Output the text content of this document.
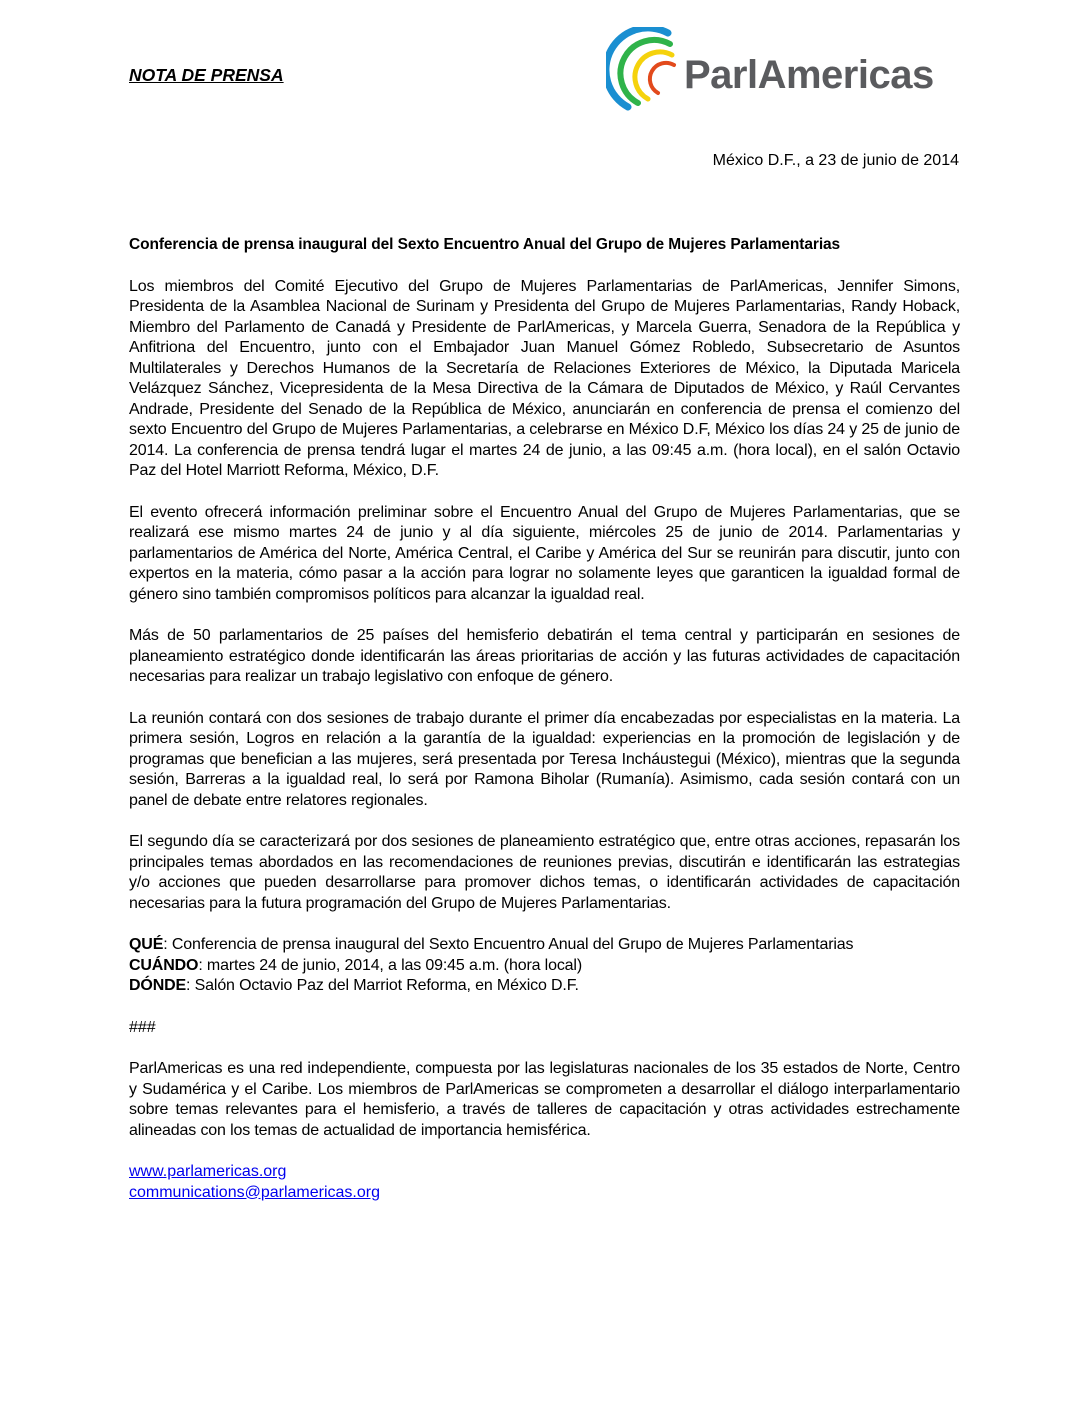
NOTA DE PRENSA	ParlAmericas
México D.F., a 23 de junio de 2014
Conferencia de prensa inaugural del Sexto Encuentro Anual del Grupo de Mujeres Parlamentarias

Los miembros del Comité Ejecutivo del Grupo de Mujeres Parlamentarias de ParlAmericas, Jennifer Simons, Presidenta de la Asamblea Nacional de Surinam y Presidenta del Grupo de Mujeres Parlamentarias, Randy Hoback, Miembro del Parlamento de Canadá y Presidente de ParlAmericas, y Marcela Guerra, Senadora de la República y Anfitriona del Encuentro, junto con el Embajador Juan Manuel Gómez Robledo, Subsecretario de Asuntos Multilaterales y Derechos Humanos de la Secretaría de Relaciones Exteriores de México, la Diputada Maricela Velázquez Sánchez, Vicepresidenta de la Mesa Directiva de la Cámara de Diputados de México, y Raúl Cervantes Andrade, Presidente del Senado de la República de México, anunciarán en conferencia de prensa el comienzo del sexto Encuentro del Grupo de Mujeres Parlamentarias, a celebrarse en México D.F, México los días 24 y 25 de junio de 2014. La conferencia de prensa tendrá lugar el martes 24 de junio, a las 09:45 a.m. (hora local), en el salón Octavio Paz del Hotel Marriott Reforma, México, D.F.

El evento ofrecerá información preliminar sobre el Encuentro Anual del Grupo de Mujeres Parlamentarias, que se realizará ese mismo martes 24 de junio y al día siguiente, miércoles 25 de junio de 2014. Parlamentarias y parlamentarios de América del Norte, América Central, el Caribe y América del Sur se reunirán para discutir, junto con expertos en la materia, cómo pasar a la acción para lograr no solamente leyes que garanticen la igualdad formal de género sino también compromisos políticos para alcanzar la igualdad real.

Más de 50 parlamentarios de 25 países del hemisferio debatirán el tema central y participarán en sesiones de planeamiento estratégico donde identificarán las áreas prioritarias de acción y las futuras actividades de capacitación necesarias para realizar un trabajo legislativo con enfoque de género.

La reunión contará con dos sesiones de trabajo durante el primer día encabezadas por especialistas en la materia. La primera sesión, Logros en relación a la garantía de la igualdad: experiencias en la promoción de legislación y de programas que benefician a las mujeres, será presentada por Teresa Incháustegui (México), mientras que la segunda sesión, Barreras a la igualdad real, lo será por Ramona Biholar (Rumanía). Asimismo, cada sesión contará con un panel de debate entre relatores regionales.

El segundo día se caracterizará por dos sesiones de planeamiento estratégico que, entre otras acciones, repasarán los principales temas abordados en las recomendaciones de reuniones previas, discutirán e identificarán las estrategias y/o acciones que pueden desarrollarse para promover dichos temas, o identificarán actividades de capacitación necesarias para la futura programación del Grupo de Mujeres Parlamentarias.

QUÉ: Conferencia de prensa inaugural del Sexto Encuentro Anual del Grupo de Mujeres Parlamentarias
CUÁNDO: martes 24 de junio, 2014, a las 09:45 a.m. (hora local)
DÓNDE: Salón Octavio Paz del Marriot Reforma, en México D.F.
###

ParlAmericas es una red independiente, compuesta por las legislaturas nacionales de los 35 estados de Norte, Centro y Sudamérica y el Caribe. Los miembros de ParlAmericas se comprometen a desarrollar el diálogo interparlamentario sobre temas relevantes para el hemisferio, a través de talleres de capacitación y otras actividades estrechamente alineadas con los temas de actualidad de importancia hemisférica.

www.parlamericas.org
communications@parlamericas.org
